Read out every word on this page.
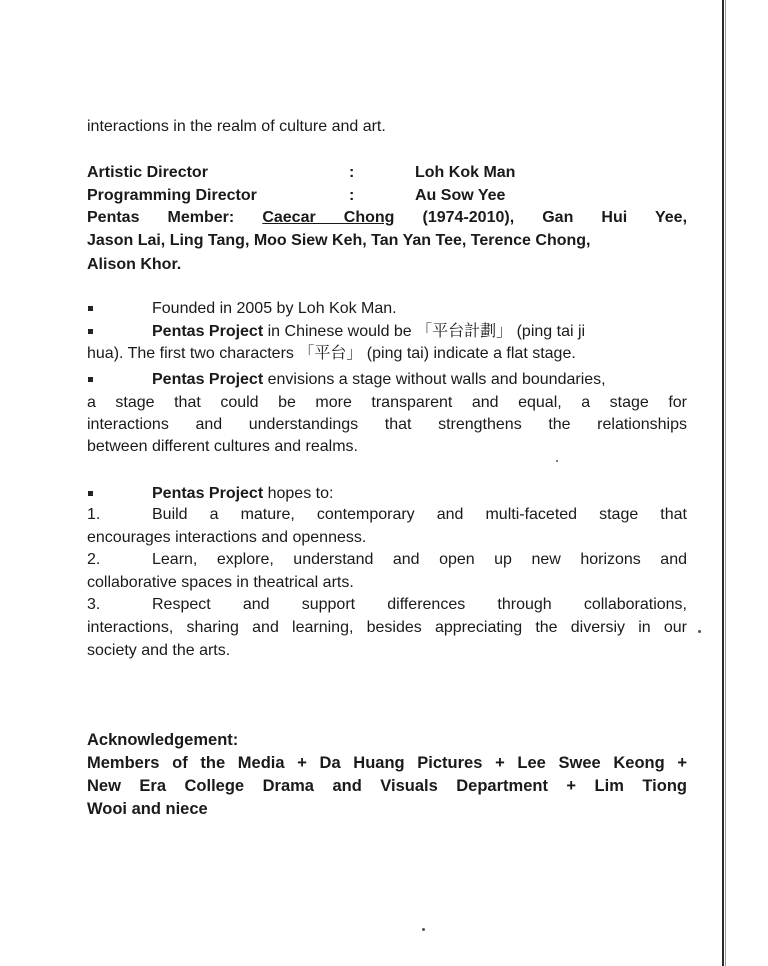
interactions in the realm of culture and art.
Artistic Director	:	Loh Kok Man
Programming Director	:	Au Sow Yee
Pentas Member: Caecar Chong (1974-2010), Gan Hui Yee,
Jason Lai, Ling Tang, Moo Siew Keh, Tan Yan Tee, Terence Chong,
Alison Khor.
Founded in 2005 by Loh Kok Man.
Pentas Project in Chinese would be 「平台計劃」 (ping tai ji
hua). The first two characters 「平台」 (ping tai) indicate a flat stage.
Pentas Project envisions a stage without walls and boundaries,
a stage that could be more transparent and equal, a stage for
interactions and understandings that strengthens the relationships
between different cultures and realms.
Pentas Project hopes to:
1.	Build a mature, contemporary and multi-faceted stage that
encourages interactions and openness.
2.	Learn, explore, understand and open up new horizons and
collaborative spaces in theatrical arts.
3.	Respect and support differences through collaborations,
interactions, sharing and learning, besides appreciating the diversiy in our
society and the arts.
Acknowledgement:
Members of the Media + Da Huang Pictures + Lee Swee Keong +
New Era College Drama and Visuals Department + Lim Tiong
Wooi and niece
